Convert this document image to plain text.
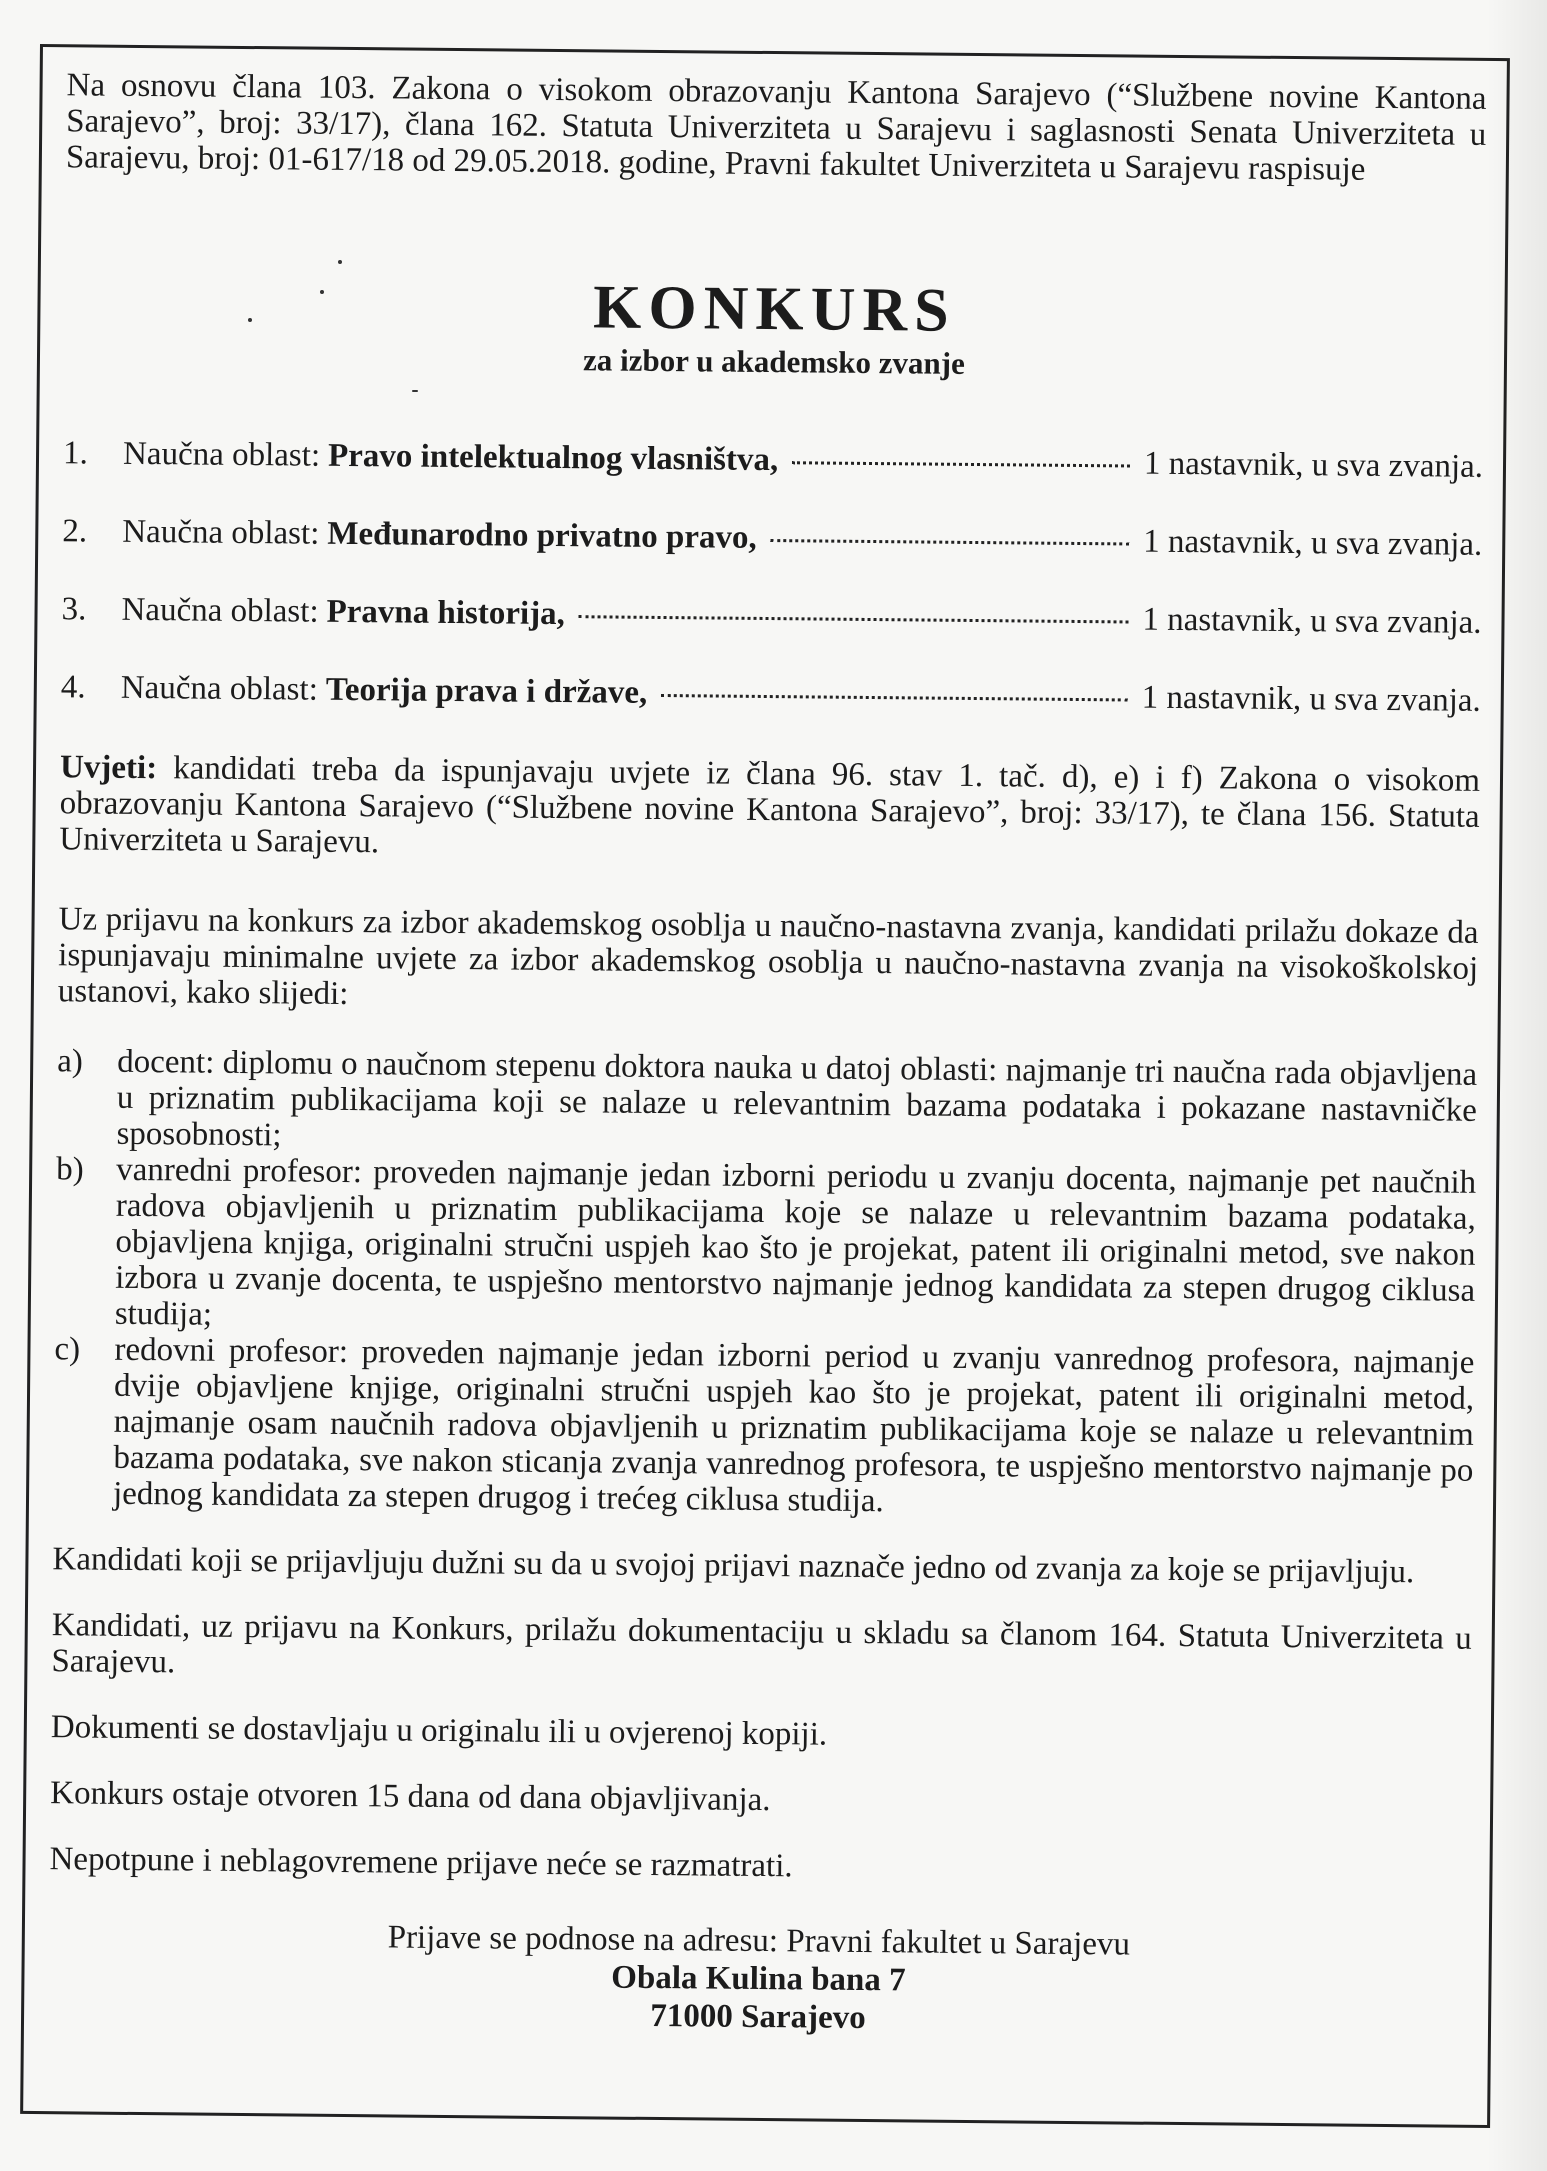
Na osnovu člana 103. Zakona o visokom obrazovanju Kantona Sarajevo (“Službene novine Kantona Sarajevo”, broj: 33/17), člana 162. Statuta Univerziteta u Sarajevu i saglasnosti Senata Univerziteta u Sarajevu, broj: 01‑617/18 od 29.05.2018. godine, Pravni fakultet Univerziteta u Sarajevu raspisuje

KONKURS

za izbor u akademsko zvanje

1.	Naučna oblast: Pravo intelektualnog vlasništva,	1 nastavnik, u sva zvanja.
2.	Naučna oblast: Međunarodno privatno pravo,	1 nastavnik, u sva zvanja.
3.	Naučna oblast: Pravna historija,	1 nastavnik, u sva zvanja.
4.	Naučna oblast: Teorija prava i države,	1 nastavnik, u sva zvanja.

Uvjeti: kandidati treba da ispunjavaju uvjete iz člana 96. stav 1. tač. d), e) i f) Zakona o visokom obrazovanju Kantona Sarajevo (“Službene novine Kantona Sarajevo”, broj: 33/17), te člana 156. Statuta Univerziteta u Sarajevu.

Uz prijavu na konkurs za izbor akademskog osoblja u naučno‑nastavna zvanja, kandidati prilažu dokaze da ispunjavaju minimalne uvjete za izbor akademskog osoblja u naučno‑nastavna zvanja na visokoškolskoj ustanovi, kako slijedi:

a)	docent: diplomu o naučnom stepenu doktora nauka u datoj oblasti: najmanje tri naučna rada objavljena u priznatim publikacijama koji se nalaze u relevantnim bazama podataka i pokazane nastavničke sposobnosti;
b) vanredni profesor: proveden najmanje jedan izborni periodu u zvanju docenta, najmanje pet naučnih radova objavljenih u priznatim publikacijama koje se nalaze u relevantnim bazama podataka, objavljena knjiga, originalni stručni uspjeh kao što je projekat, patent ili originalni metod, sve nakon izbora u zvanje docenta, te uspješno mentorstvo najmanje jednog kandidata za stepen drugog ciklusa studija;
c)	redovni profesor: proveden najmanje jedan izborni period u zvanju vanrednog profesora, najmanje dvije objavljene knjige, originalni stručni uspjeh kao što je projekat, patent ili originalni metod, najmanje osam naučnih radova objavljenih u priznatim publikacijama koje se nalaze u relevantnim bazama podataka, sve nakon sticanja zvanja vanrednog profesora, te uspješno mentorstvo najmanje po jednog kandidata za stepen drugog i trećeg ciklusa studija.

Kandidati koji se prijavljuju dužni su da u svojoj prijavi naznače jedno od zvanja za koje se prijavljuju.

Kandidati, uz prijavu na Konkurs, prilažu dokumentaciju u skladu sa članom 164. Statuta Univerziteta u Sarajevu.

Dokumenti se dostavljaju u originalu ili u ovjerenoj kopiji.

Konkurs ostaje otvoren 15 dana od dana objavljivanja.

Nepotpune i neblagovremene prijave neće se razmatrati.

Prijave se podnose na adresu: Pravni fakultet u Sarajevu
Obala Kulina bana 7
71000 Sarajevo
